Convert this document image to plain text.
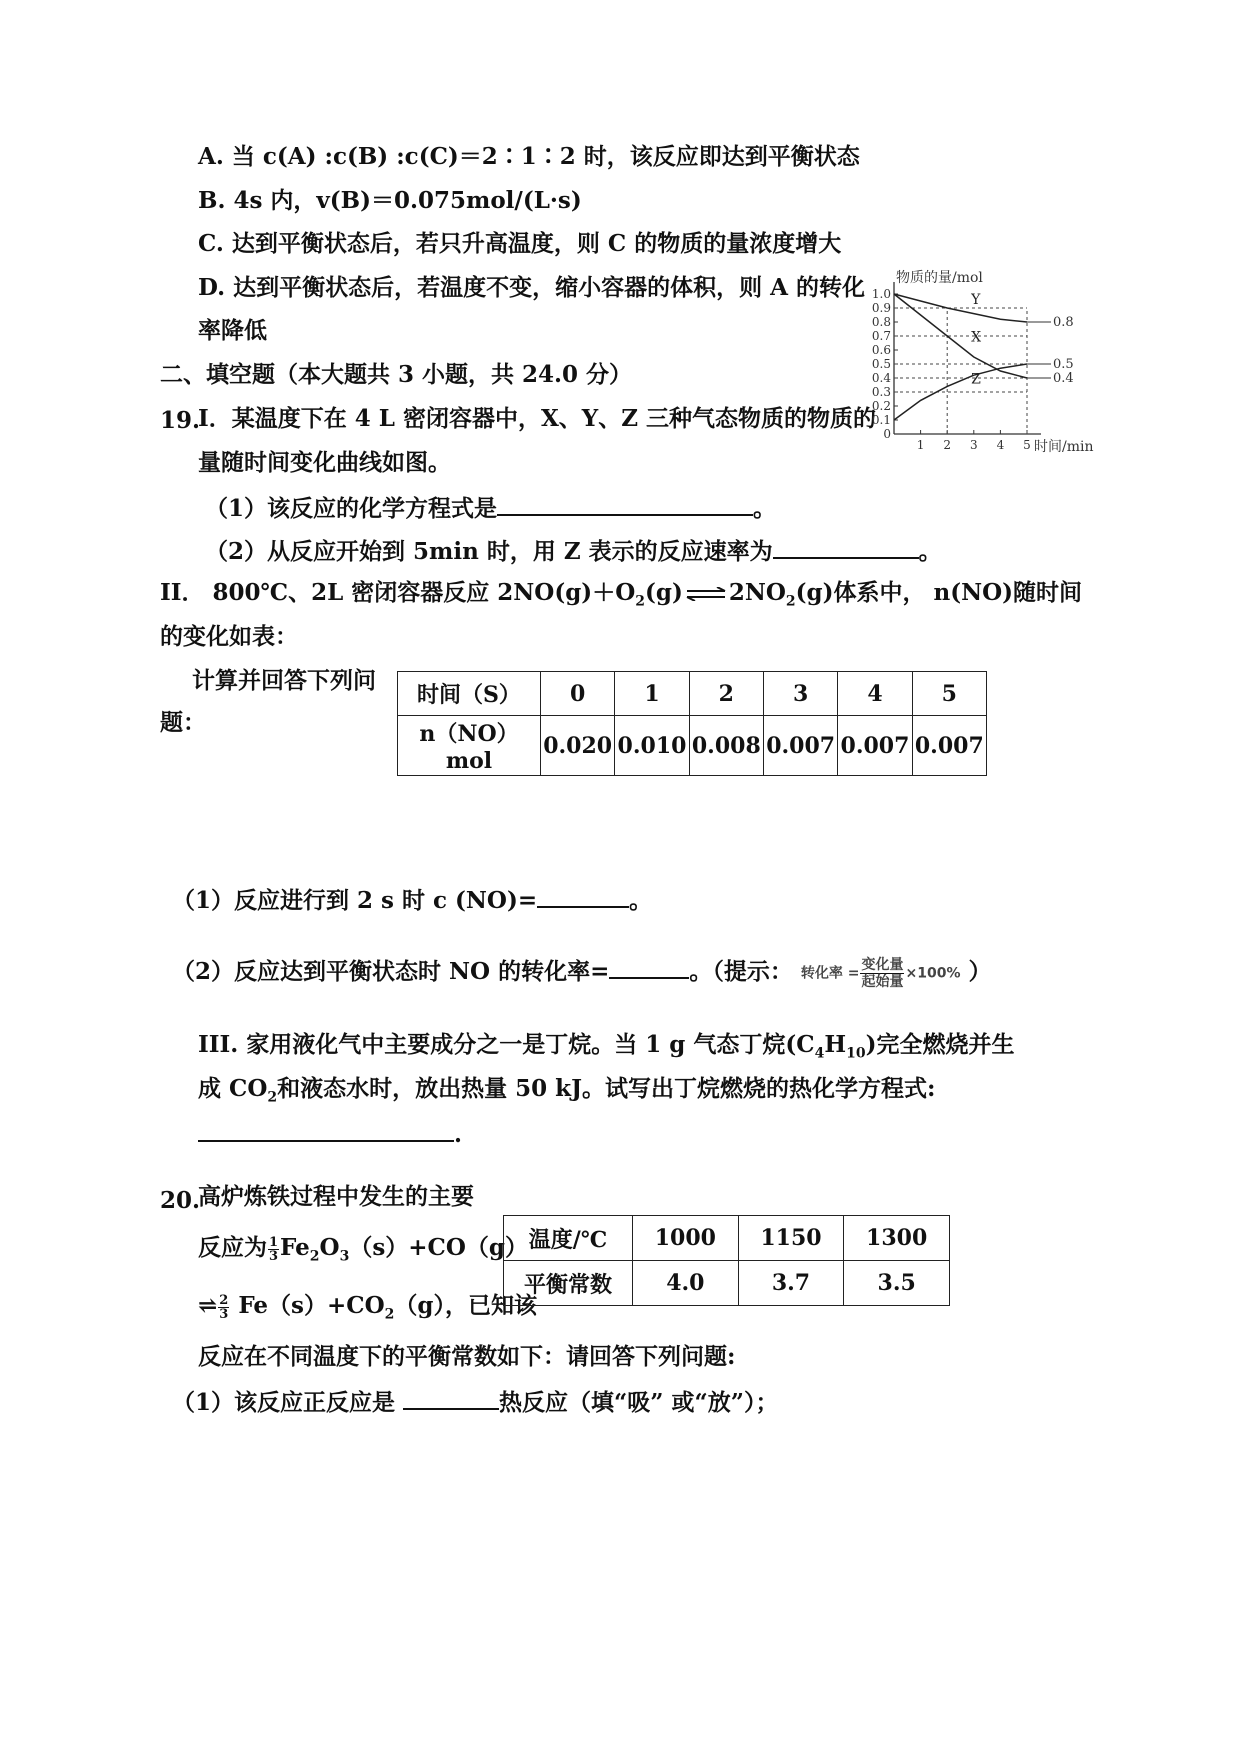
A. 当 c(A) :c(B) :c(C)＝2∶1∶2 时，该反应即达到平衡状态
B. 4s 内，v(B)＝0.075mol/(L·s)
C. 达到平衡状态后，若只升高温度，则 C 的物质的量浓度增大
D. 达到平衡状态后，若温度不变，缩小容器的体积，则 A 的转化
率降低
二、填空题（本大题共 3 小题，共 24.0 分）
19.
Ⅰ．某温度下在 4 L 密闭容器中，X、Y、Z 三种气态物质的物质的
量随时间变化曲线如图。
（1）该反应的化学方程式是	。
（2）从反应开始到 5min 时，用 Z 表示的反应速率为	。
物质的量/mol
时间/min
0
0.1
0.2
0.3
0.4
0.5
0.6
0.7
0.8
0.9
1.0
1 2 3 4 5
Y
X
Z
0.8
0.5
0.4
II． 800℃、2L 密闭容器反应 $2NO(g)+O_2(g)$ ⇌ $2NO_2(g)$体系中， n(NO)随时间
的变化如表：
计算并回答下列问
题：
时间（S）	0	1	2	3	4	5
n（NO）mol	0.020	0.010	0.008	0.007	0.007	0.007
（1）反应进行到 2 s 时 c (NO)=	。
（2）反应达到平衡状态时 NO 的转化率=	。（提示： 转化率 = $\frac{\text{变化量}}{\text{起始量}} \times 100\%$ ）
III. 家用液化气中主要成分之一是丁烷。当 1 g 气态丁烷$(C_4H_{10})$完全燃烧并生
成 $CO_2$和液态水时，放出热量 50 kJ。试写出丁烷燃烧的热化学方程式:
.
20.
高炉炼铁过程中发生的主要
反应为 $\frac{1}{3} Fe_2O_3(s)+CO(g)$
⇌ $\frac{2}{3} Fe(s)+CO_2(g)$，已知该
温度/℃	1000	1150	1300
平衡常数	4.0	3.7	3.5
反应在不同温度下的平衡常数如下：请回答下列问题:
（1）该反应正反应是	热反应（填“吸” 或“放”）；
